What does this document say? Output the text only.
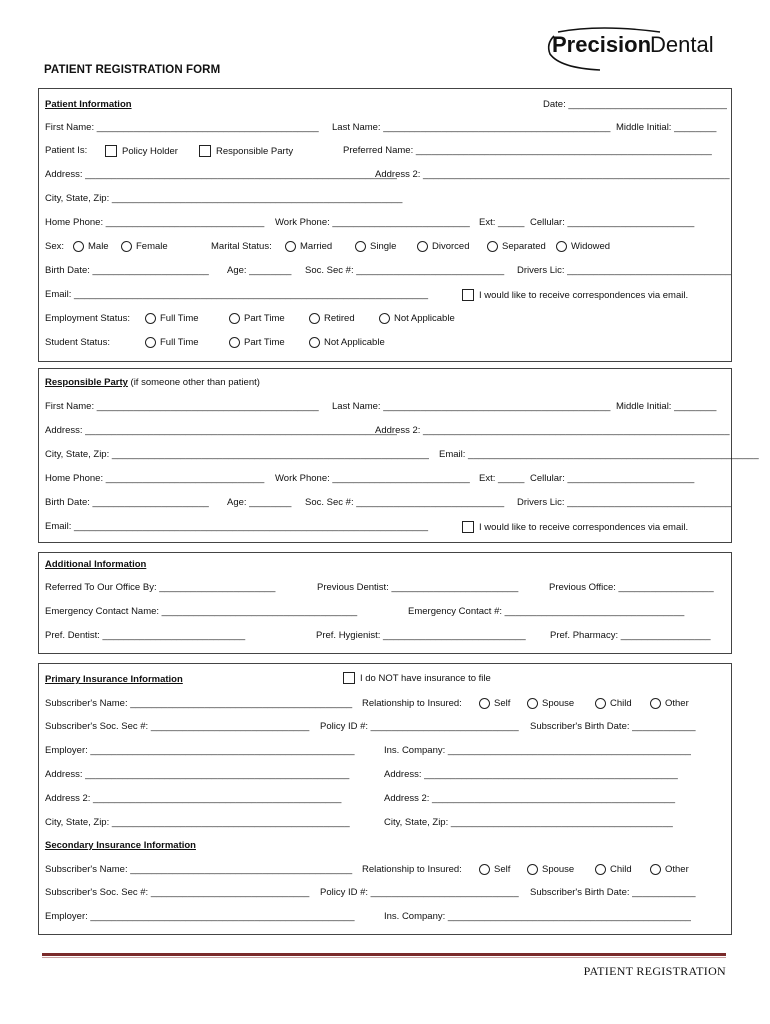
Precision
Dental
PATIENT REGISTRATION FORM
Patient Information	Date: ______________________________
First Name: __________________________________________ Last Name: ___________________________________________ Middle Initial: ________
Patient Is:	Policy Holder	Responsible Party	Preferred Name: ________________________________________________________
Address: ___________________________________________________________
Address 2: __________________________________________________________
City, State, Zip: _______________________________________________________
Home Phone: ______________________________ Work Phone: __________________________ Ext: _____ Cellular: ________________________
Sex:	Male	Female	Marital Status:	Married	Single	Divorced	Separated	Widowed
Birth Date: ______________________ Age: ________ Soc. Sec #: ____________________________ Drivers Lic: _______________________________
Email: ___________________________________________________________________	I would like to receive correspondences via email.
Employment Status:	Full Time	Part Time	Retired	Not Applicable
Student Status:	Full Time	Part Time	Not Applicable
Responsible Party (if someone other than patient)
First Name: __________________________________________ Last Name: ___________________________________________ Middle Initial: ________
Address: ___________________________________________________________
Address 2: __________________________________________________________
City, State, Zip: ____________________________________________________________ Email: _______________________________________________________
Home Phone: ______________________________ Work Phone: __________________________ Ext: _____ Cellular: ________________________
Birth Date: ______________________ Age: ________ Soc. Sec #: ____________________________ Drivers Lic: _______________________________
Email: ___________________________________________________________________	I would like to receive correspondences via email.
Additional Information
Referred To Our Office By: ______________________	Previous Dentist: ________________________	Previous Office: __________________
Emergency Contact Name: _____________________________________	Emergency Contact #: __________________________________
Pref. Dentist: ___________________________	Pref. Hygienist: ___________________________	Pref. Pharmacy: _________________
Primary Insurance Information	I do NOT have insurance to file
Subscriber's Name: __________________________________________ Relationship to Insured:	Self	Spouse	Child	Other
Subscriber's Soc. Sec #: ______________________________ Policy ID #: ____________________________ Subscriber's Birth Date: ____________
Employer: __________________________________________________	Ins. Company: ______________________________________________
Address: __________________________________________________	Address: ________________________________________________
Address 2: _______________________________________________	Address 2: ______________________________________________
City, State, Zip: _____________________________________________	City, State, Zip: __________________________________________
Secondary Insurance Information
Subscriber's Name: __________________________________________ Relationship to Insured:	Self	Spouse	Child	Other
Subscriber's Soc. Sec #: ______________________________ Policy ID #: ____________________________ Subscriber's Birth Date: ____________
Employer: __________________________________________________	Ins. Company: ______________________________________________
PATIENT REGISTRATION
